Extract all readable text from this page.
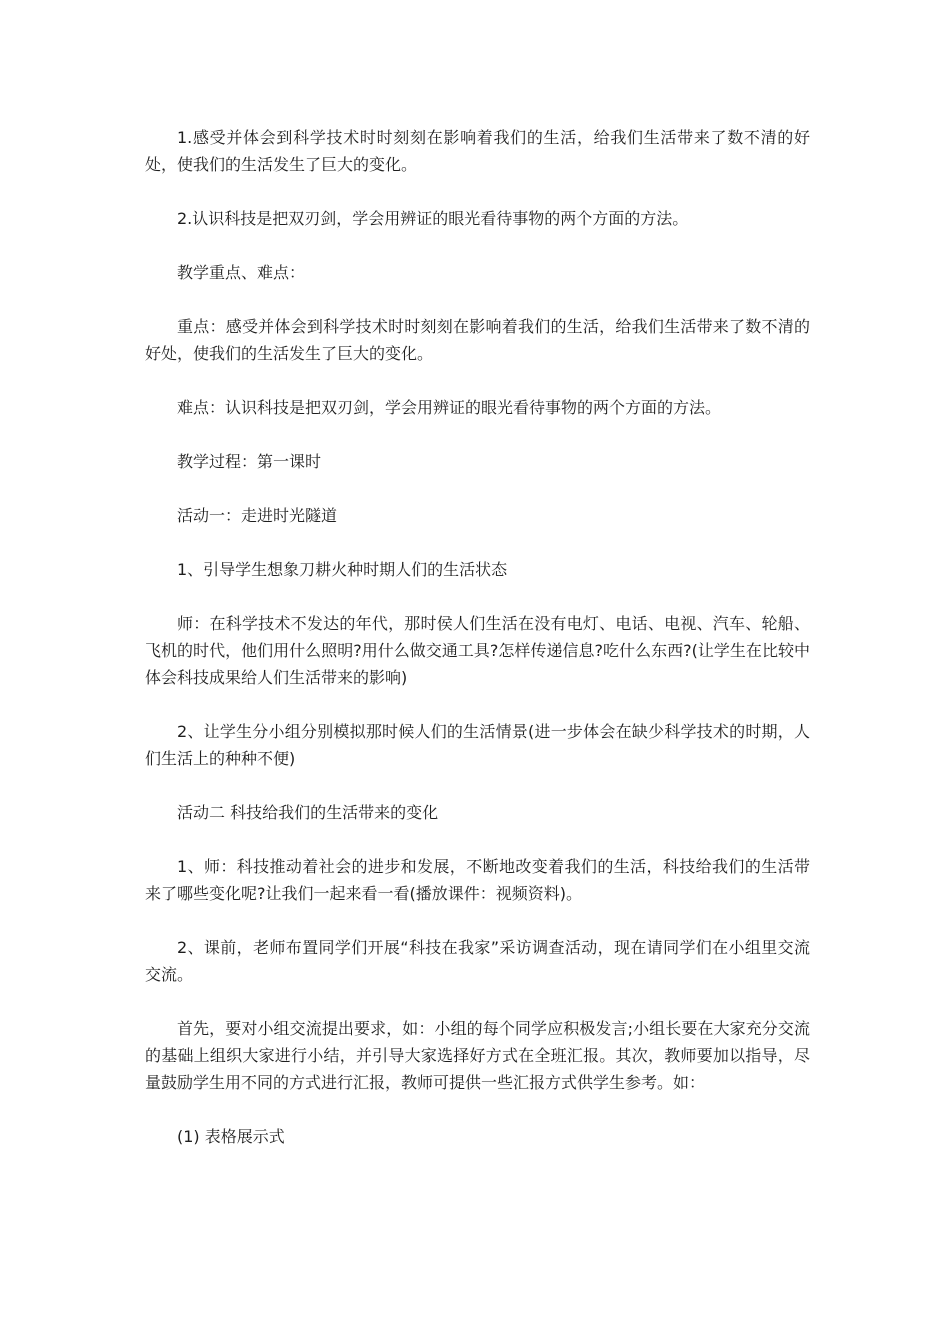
1.感受并体会到科学技术时时刻刻在影响着我们的生活，给我们生活带来了数不清的好处，使我们的生活发生了巨大的变化。

2.认识科技是把双刃剑，学会用辨证的眼光看待事物的两个方面的方法。

教学重点、难点：

重点：感受并体会到科学技术时时刻刻在影响着我们的生活，给我们生活带来了数不清的好处，使我们的生活发生了巨大的变化。

难点：认识科技是把双刃剑，学会用辨证的眼光看待事物的两个方面的方法。

教学过程：第一课时

活动一：走进时光隧道

1、引导学生想象刀耕火种时期人们的生活状态

师：在科学技术不发达的年代，那时侯人们生活在没有电灯、电话、电视、汽车、轮船、飞机的时代，他们用什么照明?用什么做交通工具?怎样传递信息?吃什么东西?(让学生在比较中体会科技成果给人们生活带来的影响)

2、让学生分小组分别模拟那时候人们的生活情景(进一步体会在缺少科学技术的时期，人们生活上的种种不便)

活动二 科技给我们的生活带来的变化

1、师：科技推动着社会的进步和发展，不断地改变着我们的生活，科技给我们的生活带来了哪些变化呢?让我们一起来看一看(播放课件：视频资料)。

2、课前，老师布置同学们开展“科技在我家”采访调查活动，现在请同学们在小组里交流交流。

首先，要对小组交流提出要求，如：小组的每个同学应积极发言;小组长要在大家充分交流的基础上组织大家进行小结，并引导大家选择好方式在全班汇报。其次，教师要加以指导，尽量鼓励学生用不同的方式进行汇报，教师可提供一些汇报方式供学生参考。如：

(1) 表格展示式
